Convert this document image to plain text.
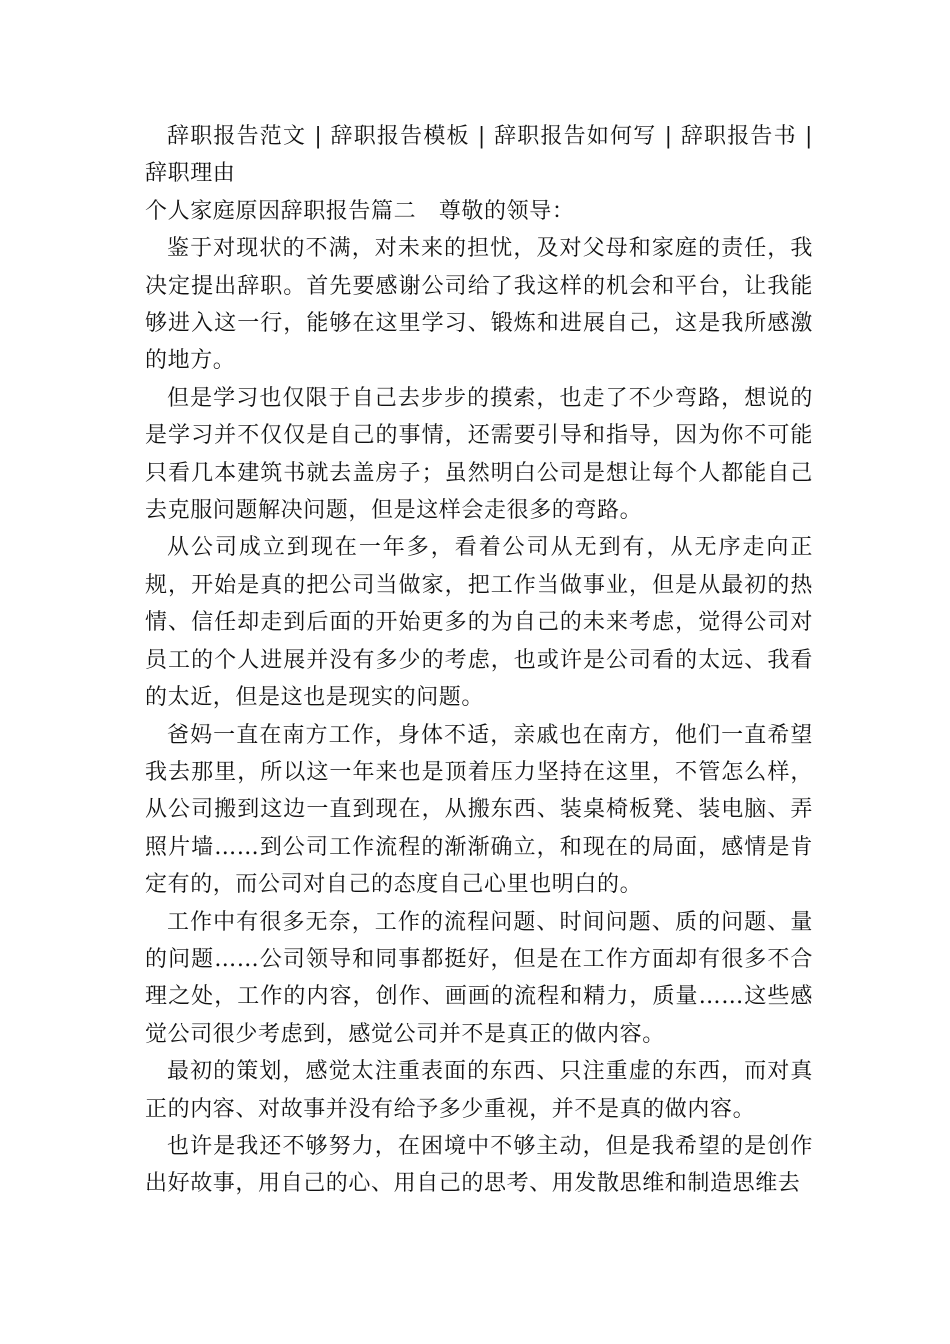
辞职报告范文 | 辞职报告模板 | 辞职报告如何写 | 辞职报告书 | 辞职理由

个人家庭原因辞职报告篇二　 尊敬的领导：

鉴于对现状的不满，对未来的担忧，及对父母和家庭的责任，我决定提出辞职。首先要感谢公司给了我这样的机会和平台，让我能够进入这一行，能够在这里学习、锻炼和进展自己，这是我所感激的地方。

但是学习也仅限于自己去步步的摸索，也走了不少弯路，想说的是学习并不仅仅是自己的事情，还需要引导和指导，因为你不可能只看几本建筑书就去盖房子；虽然明白公司是想让每个人都能自己去克服问题解决问题，但是这样会走很多的弯路。

从公司成立到现在一年多，看着公司从无到有，从无序走向正规，开始是真的把公司当做家，把工作当做事业，但是从最初的热情、信任却走到后面的开始更多的为自己的未来考虑，觉得公司对员工的个人进展并没有多少的考虑，也或许是公司看的太远、我看的太近，但是这也是现实的问题。

爸妈一直在南方工作，身体不适，亲戚也在南方，他们一直希望我去那里，所以这一年来也是顶着压力坚持在这里，不管怎么样，从公司搬到这边一直到现在，从搬东西、装桌椅板凳、装电脑、弄照片墙……到公司工作流程的渐渐确立，和现在的局面，感情是肯定有的，而公司对自己的态度自己心里也明白的。

工作中有很多无奈，工作的流程问题、时间问题、质的问题、量的问题……公司领导和同事都挺好，但是在工作方面却有很多不合理之处，工作的内容，创作、画画的流程和精力，质量……这些感觉公司很少考虑到，感觉公司并不是真正的做内容。

最初的策划，感觉太注重表面的东西、只注重虚的东西，而对真正的内容、对故事并没有给予多少重视，并不是真的做内容。

也许是我还不够努力，在困境中不够主动，但是我希望的是创作出好故事，用自己的心、用自己的思考、用发散思维和制造思维去
